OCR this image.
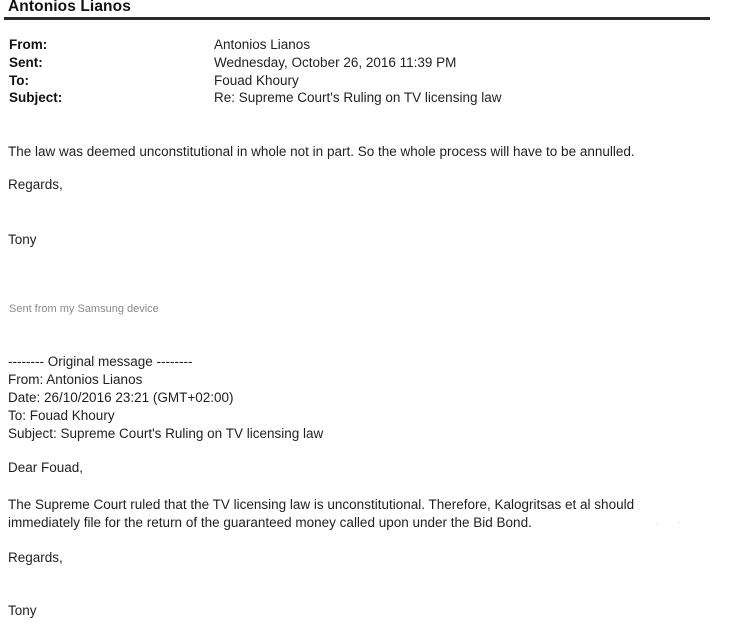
Antonios Lianos
From:	Antonios Lianos
Sent:	Wednesday, October 26, 2016 11:39 PM
To:	Fouad Khoury
Subject:	Re: Supreme Court's Ruling on TV licensing law
The law was deemed unconstitutional in whole not in part. So the whole process will have to be annulled.
Regards,
Tony
Sent from my Samsung device
-------- Original message --------
From: Antonios Lianos
Date: 26/10/2016 23:21 (GMT+02:00)
To: Fouad Khoury
Subject: Supreme Court's Ruling on TV licensing law
Dear Fouad,
The Supreme Court ruled that the TV licensing law is unconstitutional. Therefore, Kalogritsas et al should
immediately file for the return of the guaranteed money called upon under the Bid Bond.
Regards,
Tony
·	‘
